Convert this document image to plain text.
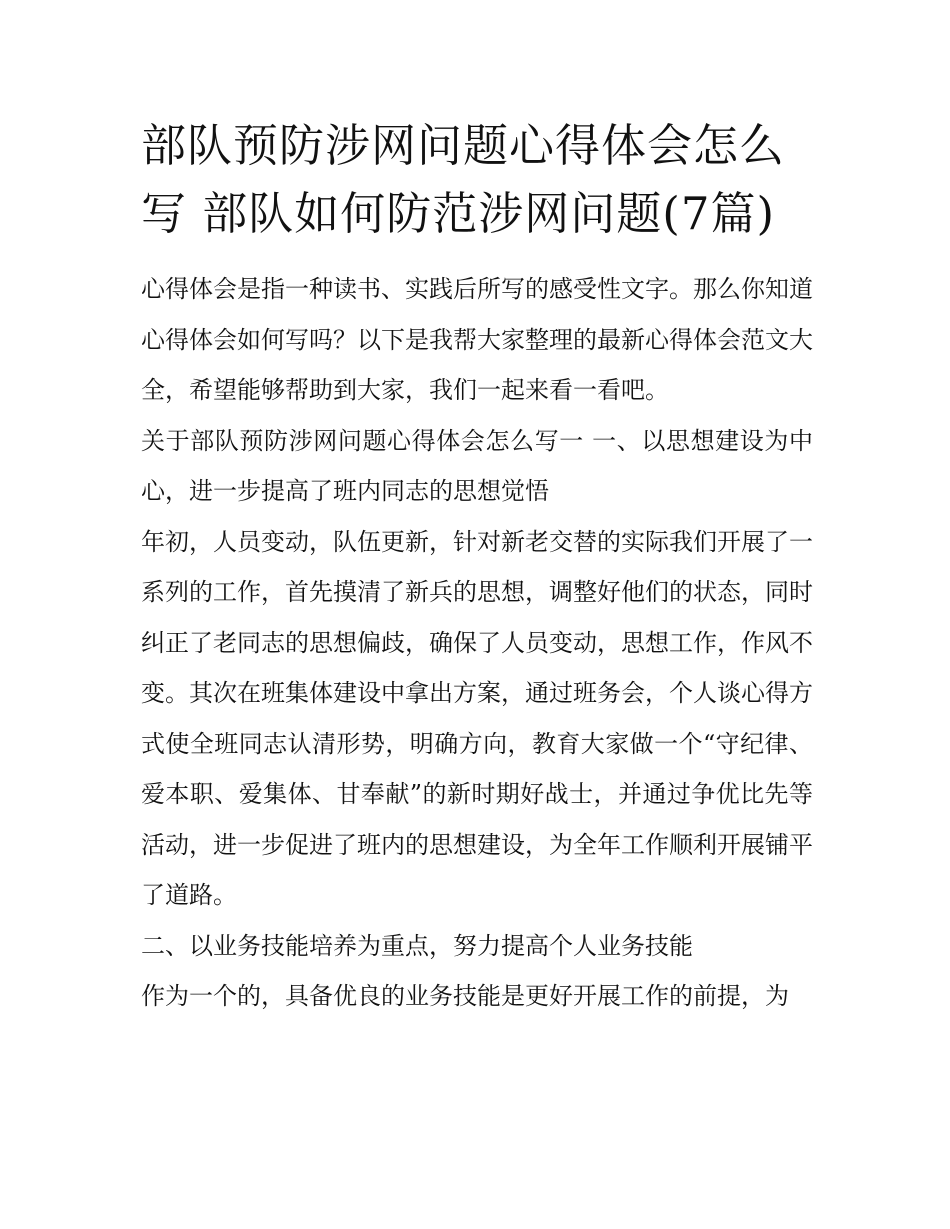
部队预防涉网问题心得体会怎么写 部队如何防范涉网问题(7篇)

心得体会是指一种读书、实践后所写的感受性文字。那么你知道心得体会如何写吗？以下是我帮大家整理的最新心得体会范文大全，希望能够帮助到大家，我们一起来看一看吧。

关于部队预防涉网问题心得体会怎么写一 一、以思想建设为中心，进一步提高了班内同志的思想觉悟

年初，人员变动，队伍更新，针对新老交替的实际我们开展了一系列的工作，首先摸清了新兵的思想，调整好他们的状态，同时纠正了老同志的思想偏歧，确保了人员变动，思想工作，作风不变。其次在班集体建设中拿出方案，通过班务会，个人谈心得方式使全班同志认清形势，明确方向，教育大家做一个“守纪律、爱本职、爱集体、甘奉献”的新时期好战士，并通过争优比先等活动，进一步促进了班内的思想建设，为全年工作顺利开展铺平了道路。

二、以业务技能培养为重点，努力提高个人业务技能

作为一个的，具备优良的业务技能是更好开展工作的前提，为
